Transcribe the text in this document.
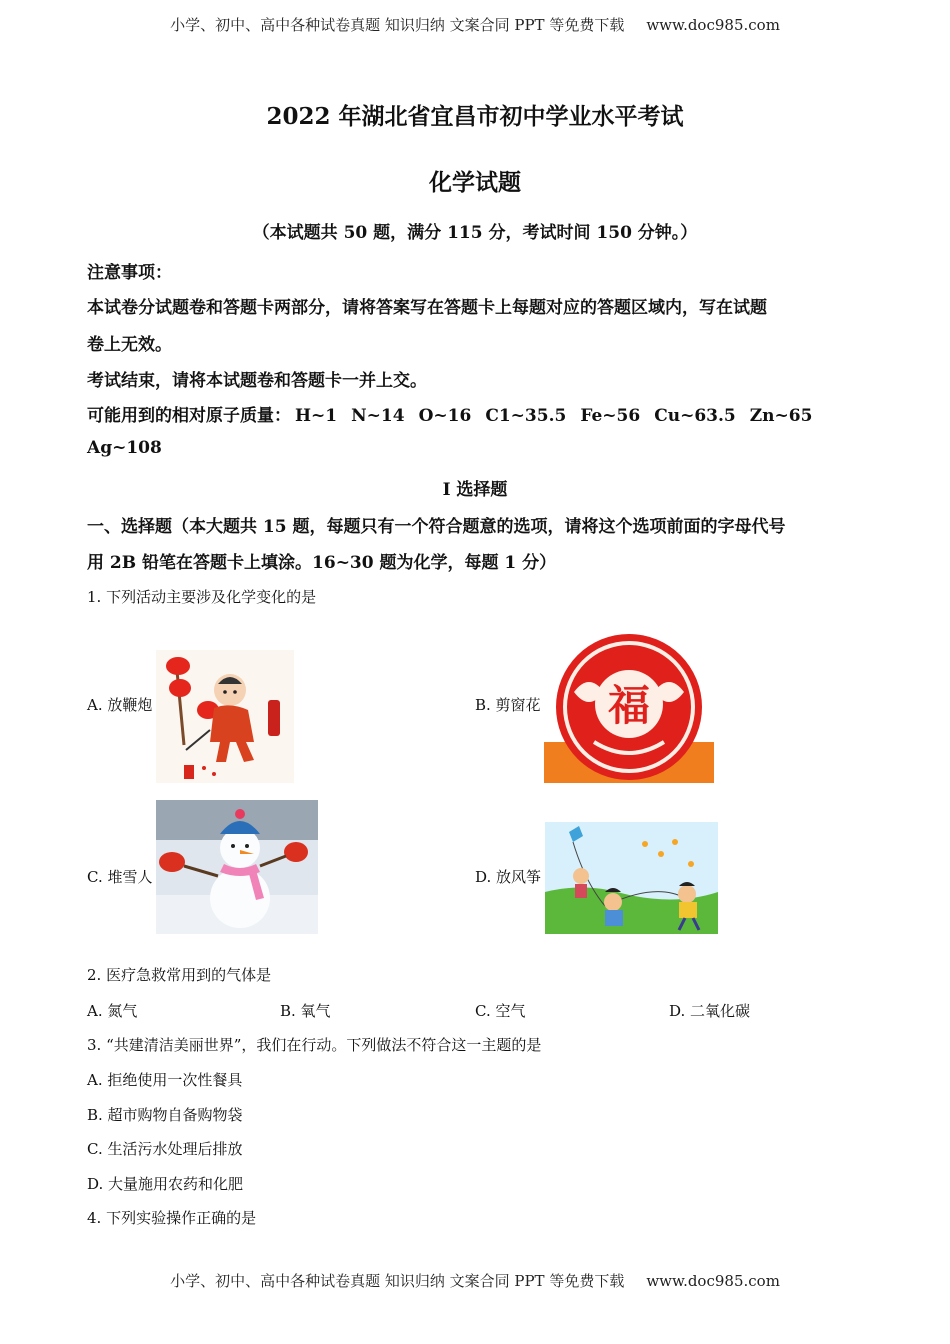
小学、初中、高中各种试卷真题 知识归纳 文案合同 PPT 等免费下载 www.doc985.com
2022 年湖北省宜昌市初中学业水平考试
化学试题
（本试题共 50 题，满分 115 分，考试时间 150 分钟。）
注意事项：
本试卷分试题卷和答题卡两部分，请将答案写在答题卡上每题对应的答题区域内，写在试题
卷上无效。
考试结束，请将本试题卷和答题卡一并上交。
可能用到的相对原子质量： H~1 N~14 O~16 C1~35.5 Fe~56 Cu~63.5 Zn~65
Ag~108
I 选择题
一、选择题（本大题共 15 题，每题只有一个符合题意的选项，请将这个选项前面的字母代号
用 2B 铅笔在答题卡上填涂。16~30 题为化学，每题 1 分）
1. 下列活动主要涉及化学变化的是
A. 放鞭炮	B. 剪窗花 福
C. 堆雪人	D. 放风筝
2. 医疗急救常用到的气体是
A. 氮气	B. 氧气	C. 空气	D. 二氧化碳
3. “共建清洁美丽世界”，我们在行动。下列做法不符合这一主题的是
A. 拒绝使用一次性餐具
B. 超市购物自备购物袋
C. 生活污水处理后排放
D. 大量施用农药和化肥
4. 下列实验操作正确的是
小学、初中、高中各种试卷真题 知识归纳 文案合同 PPT 等免费下载 www.doc985.com
